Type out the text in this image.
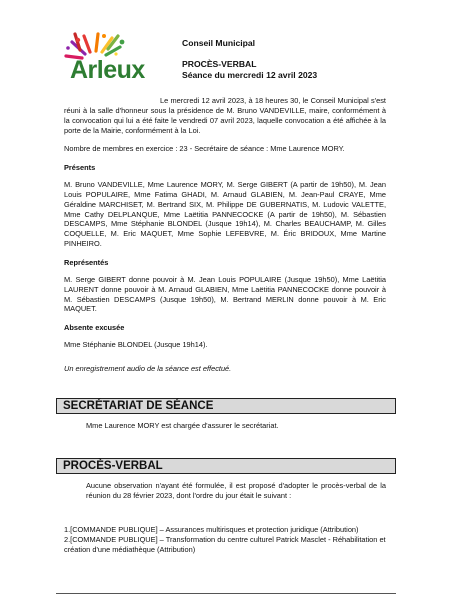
Arleux
Conseil Municipal
PROCÈS-VERBAL
Séance du mercredi 12 avril 2023

Le mercredi 12 avril 2023, à 18 heures 30, le Conseil Municipal s'est réuni à la salle d'honneur sous la présidence de M. Bruno VANDEVILLE, maire, conformément à la convocation qui lui a été faite le vendredi 07 avril 2023, laquelle convocation a été affichée à la porte de la Mairie, conformément à la Loi.

Nombre de membres en exercice : 23 - Secrétaire de séance : Mme Laurence MORY.

Présents

M. Bruno VANDEVILLE, Mme Laurence MORY, M. Serge GIBERT (A partir de 19h50), M. Jean Louis POPULAIRE, Mme Fatima GHADI, M. Arnaud GLABIEN, M. Jean-Paul CRAYE, Mme Géraldine MARCHISET, M. Bertrand SIX, M. Philippe DE GUBERNATIS, M. Ludovic VALETTE, Mme Cathy DELPLANQUE, Mme Laëtitia PANNECOCKE (A partir de 19h50), M. Sébastien DESCAMPS, Mme Stéphanie BLONDEL (Jusque 19h14), M. Charles BEAUCHAMP, M. Gilles COQUELLE, M. Eric MAQUET, Mme Sophie LEFEBVRE, M. Éric BRIDOUX, Mme Martine PINHEIRO.

Représentés

M. Serge GIBERT donne pouvoir à M. Jean Louis POPULAIRE (Jusque 19h50), Mme Laëtitia LAURENT donne pouvoir à M. Arnaud GLABIEN, Mme Laëtitia PANNECOCKE donne pouvoir à M. Sébastien DESCAMPS (Jusque 19h50), M. Bertrand MERLIN donne pouvoir à M. Eric MAQUET.

Absente excusée

Mme Stéphanie BLONDEL (Jusque 19h14).

Un enregistrement audio de la séance est effectué.

SECRÉTARIAT DE SÉANCE
Mme Laurence MORY est chargée d'assurer le secrétariat.
PROCÈS-VERBAL
Aucune observation n'ayant été formulée, il est proposé d'adopter le procès-verbal de la réunion du 28 février 2023, dont l'ordre du jour était le suivant :

1.[COMMANDE PUBLIQUE] – Assurances multirisques et protection juridique (Attribution)

2.[COMMANDE PUBLIQUE] – Transformation du centre culturel Patrick Masclet - Réhabilitation et création d'une médiathèque (Attribution)
